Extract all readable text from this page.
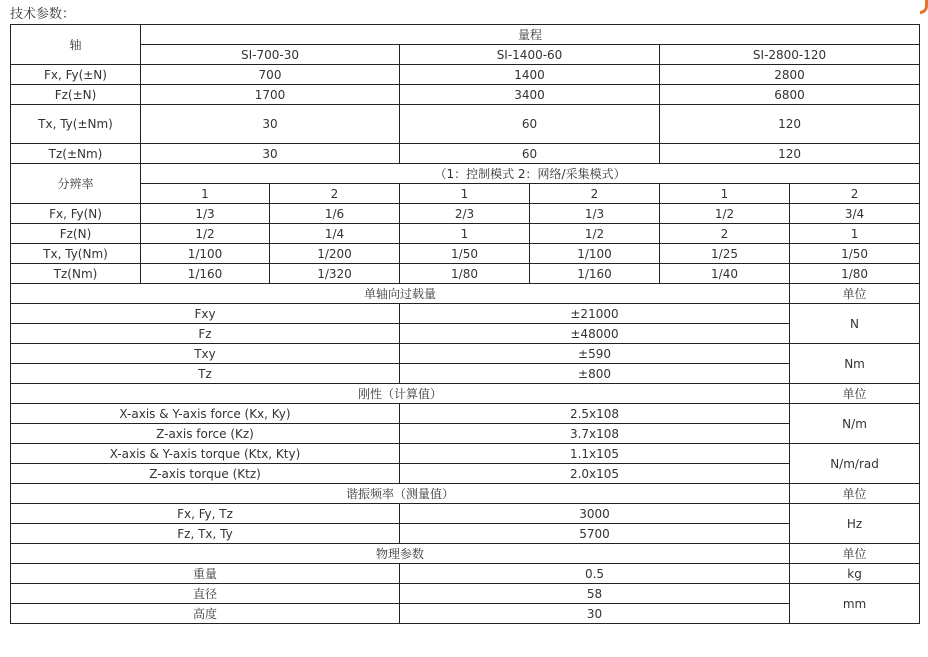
技术参数：
轴	量程					
	SI-700-30		SI-1400-60		SI-2800-120	
Fx, Fy(±N)	700		1400		2800	
Fz(±N)	1700		3400		6800	
Tx, Ty(±Nm)	30		60		120	
Tz(±Nm)	30		60		120	
分辨率	（1：控制模式 2：网络/采集模式）					
	1	2	1	2	1	2
Fx, Fy(N)	1/3	1/6	2/3	1/3	1/2	3/4
Fz(N)	1/2	1/4	1	1/2	2	1
Tx, Ty(Nm)	1/100	1/200	1/50	1/100	1/25	1/50
Tz(Nm)	1/160	1/320	1/80	1/160	1/40	1/80
单轴向过载量						单位
Fxy			±21000			N
Fz			±48000			
Txy			±590			Nm
Tz			±800			
刚性（计算值）						单位
X-axis & Y-axis force (Kx, Ky)			2.5x108			N/m
Z-axis force (Kz)			3.7x108			
X-axis & Y-axis torque (Ktx, Kty)			1.1x105			N/m/rad
Z-axis torque (Ktz)			2.0x105			
谐振频率（测量值）						单位
Fx, Fy, Tz			3000			Hz
Fz, Tx, Ty			5700			
物理参数						单位
重量			0.5			kg
直径			58			mm
高度			30			
